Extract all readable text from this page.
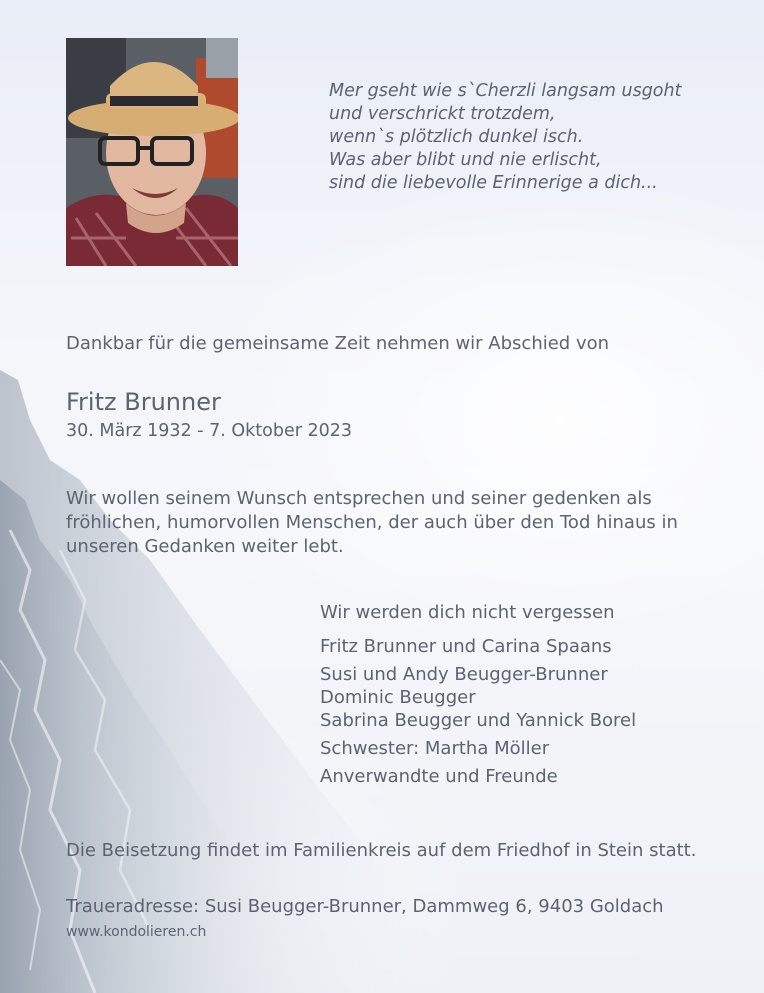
Mer gseht wie s`Cherzli langsam usgoht
und verschrickt trotzdem,
wenn`s plötzlich dunkel isch.
Was aber blibt und nie erlischt,
sind die liebevolle Erinnerige a dich...

Dankbar für die gemeinsame Zeit nehmen wir Abschied von
Fritz Brunner
30. März 1932 - 7. Oktober 2023

Wir wollen seinem Wunsch entsprechen und seiner gedenken als
fröhlichen, humorvollen Menschen, der auch über den Tod hinaus in
unseren Gedanken weiter lebt.

Wir werden dich nicht vergessen
Fritz Brunner und Carina Spaans
Susi und Andy Beugger-Brunner
Dominic Beugger
Sabrina Beugger und Yannick Borel
Schwester: Martha Möller
Anverwandte und Freunde
Die Beisetzung findet im Familienkreis auf dem Friedhof in Stein statt.
Traueradresse: Susi Beugger-Brunner, Dammweg 6, 9403 Goldach
www.kondolieren.ch
